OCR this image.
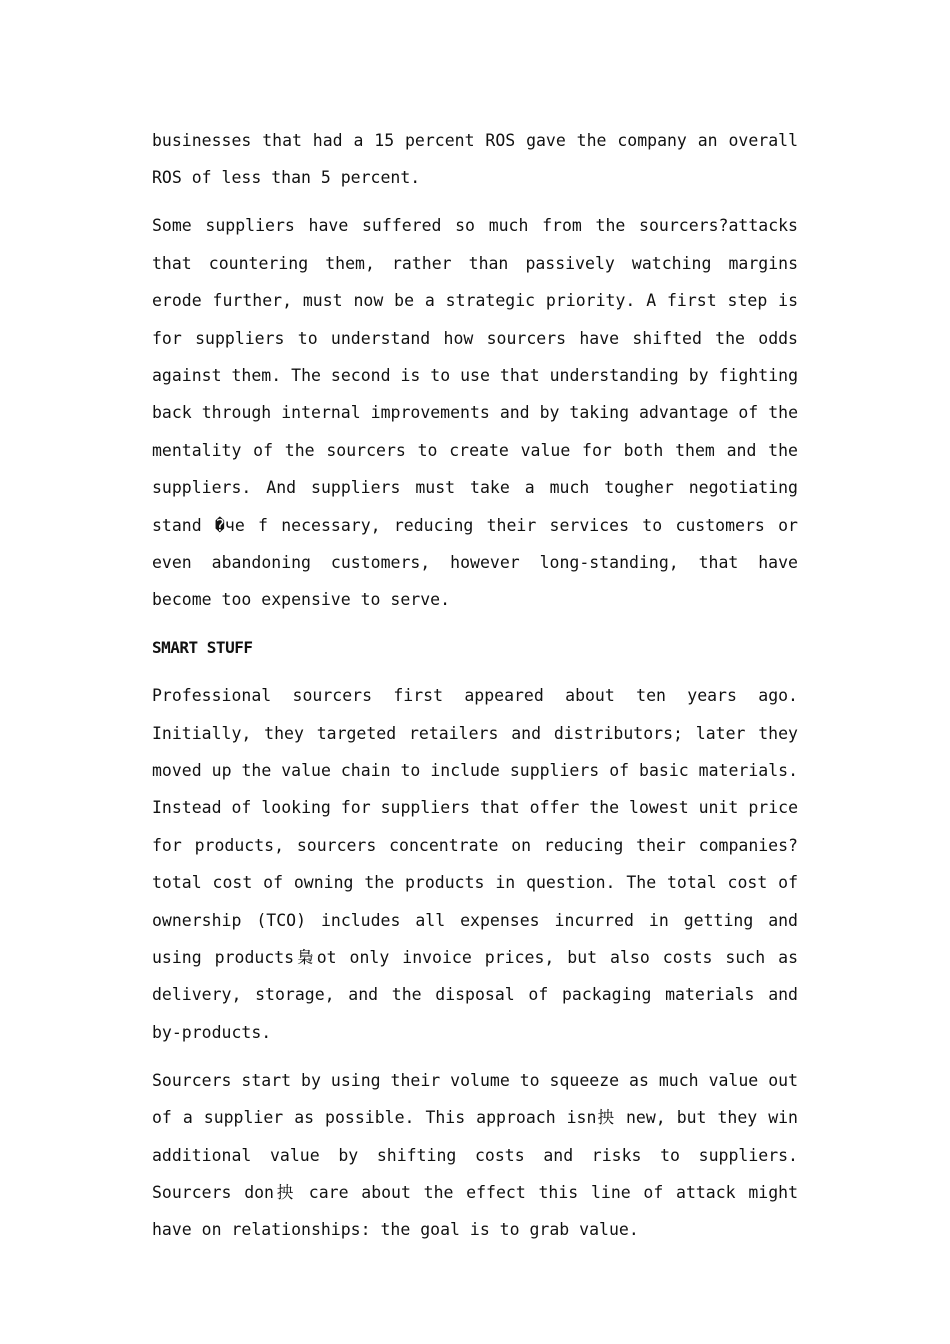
businesses that had a 15 percent ROS gave the company an overall ROS of less than 5 percent.

Some suppliers have suffered so much from the sourcers?attacks that countering them, rather than passively watching margins erode further, must now be a strategic priority. A first step is for suppliers to understand how sourcers have shifted the odds against them. The second is to use that understanding by fighting back through internal improvements and by taking advantage of the mentality of the sourcers to create value for both them and the suppliers. And suppliers must take a much tougher negotiating stand �че f necessary, reducing their services to customers or even abandoning customers, however long-standing, that have become too expensive to serve.

SMART STUFF

Professional sourcers first appeared about ten years ago. Initially, they targeted retailers and distributors; later they moved up the value chain to include suppliers of basic materials. Instead of looking for suppliers that offer the lowest unit price for products, sourcers concentrate on reducing their companies? total cost of owning the products in question. The total cost of ownership (TCO) includes all expenses incurred in getting and using products梟ot only invoice prices, but also costs such as delivery, storage, and the disposal of packaging materials and by-products.

Sourcers start by using their volume to squeeze as much value out of a supplier as possible. This approach isn抰 new, but they win additional value by shifting costs and risks to suppliers. Sourcers don抰 care about the effect this line of attack might have on relationships: the goal is to grab value.
